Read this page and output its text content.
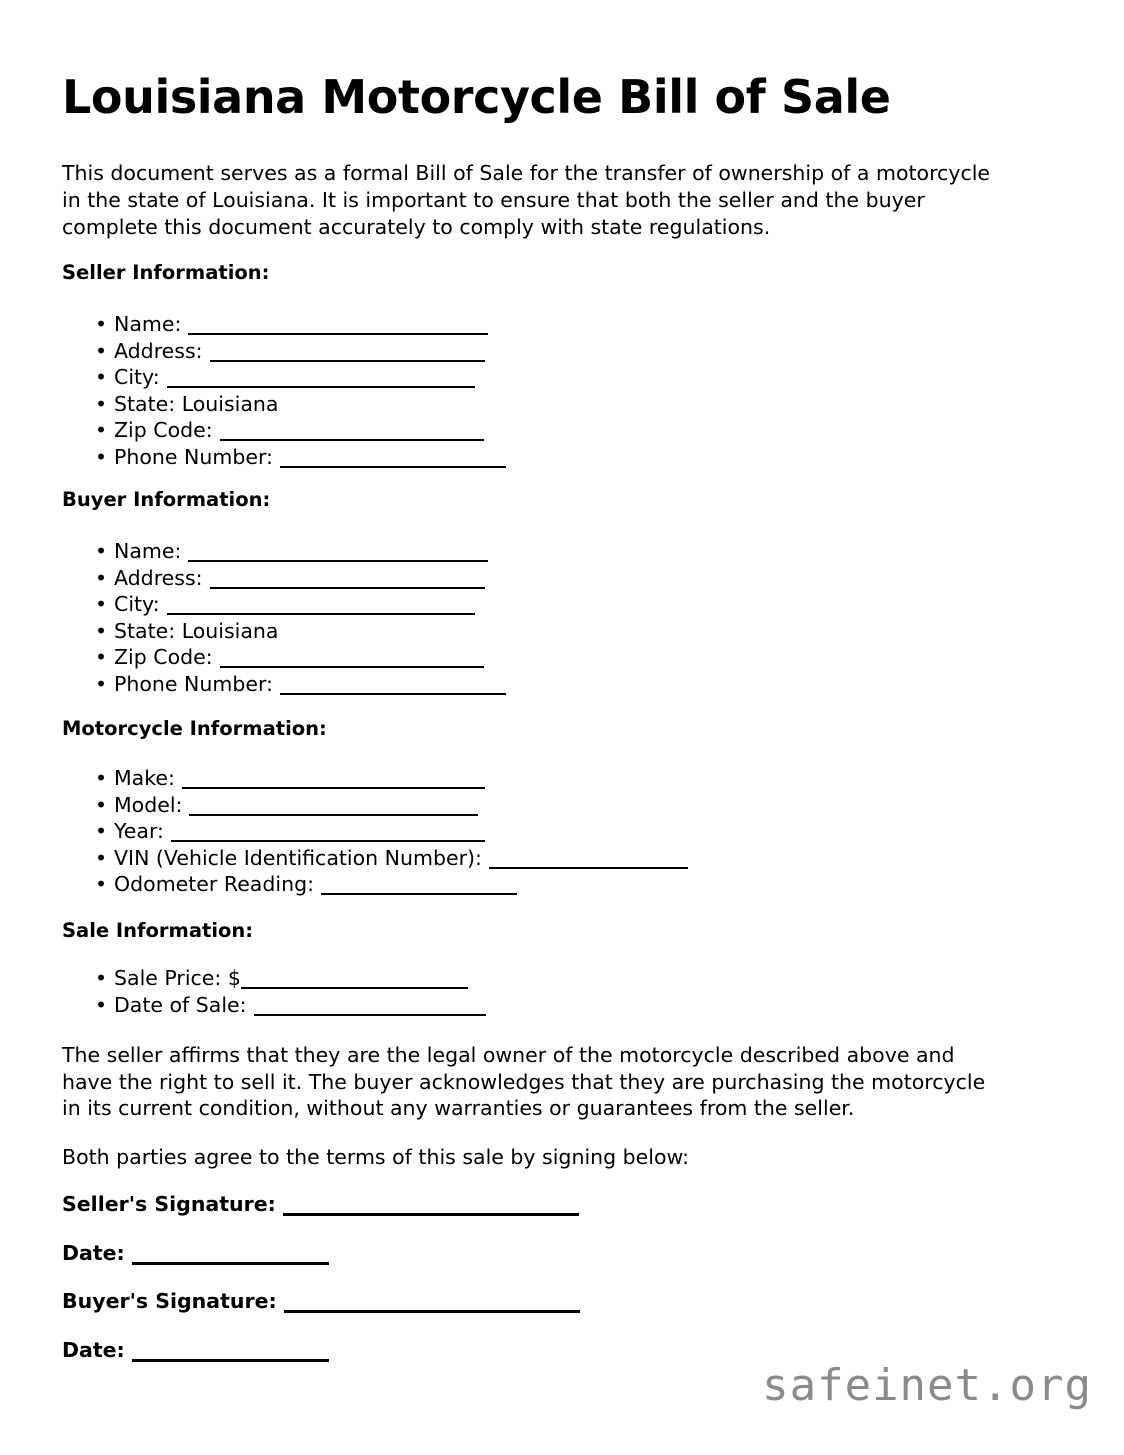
Louisiana Motorcycle Bill of Sale
This document serves as a formal Bill of Sale for the transfer of ownership of a motorcycle
in the state of Louisiana. It is important to ensure that both the seller and the buyer
complete this document accurately to comply with state regulations.
Seller Information:
• Name:
• Address:
• City:
• State: Louisiana
• Zip Code:
• Phone Number:
Buyer Information:
• Name:
• Address:
• City:
• State: Louisiana
• Zip Code:
• Phone Number:
Motorcycle Information:
• Make:
• Model:
• Year:
• VIN (Vehicle Identification Number):
• Odometer Reading:
Sale Information:
• Sale Price: $
• Date of Sale:
The seller affirms that they are the legal owner of the motorcycle described above and
have the right to sell it. The buyer acknowledges that they are purchasing the motorcycle
in its current condition, without any warranties or guarantees from the seller.
Both parties agree to the terms of this sale by signing below:
Seller's Signature:
Date:
Buyer's Signature:
Date:
safeinet.org
